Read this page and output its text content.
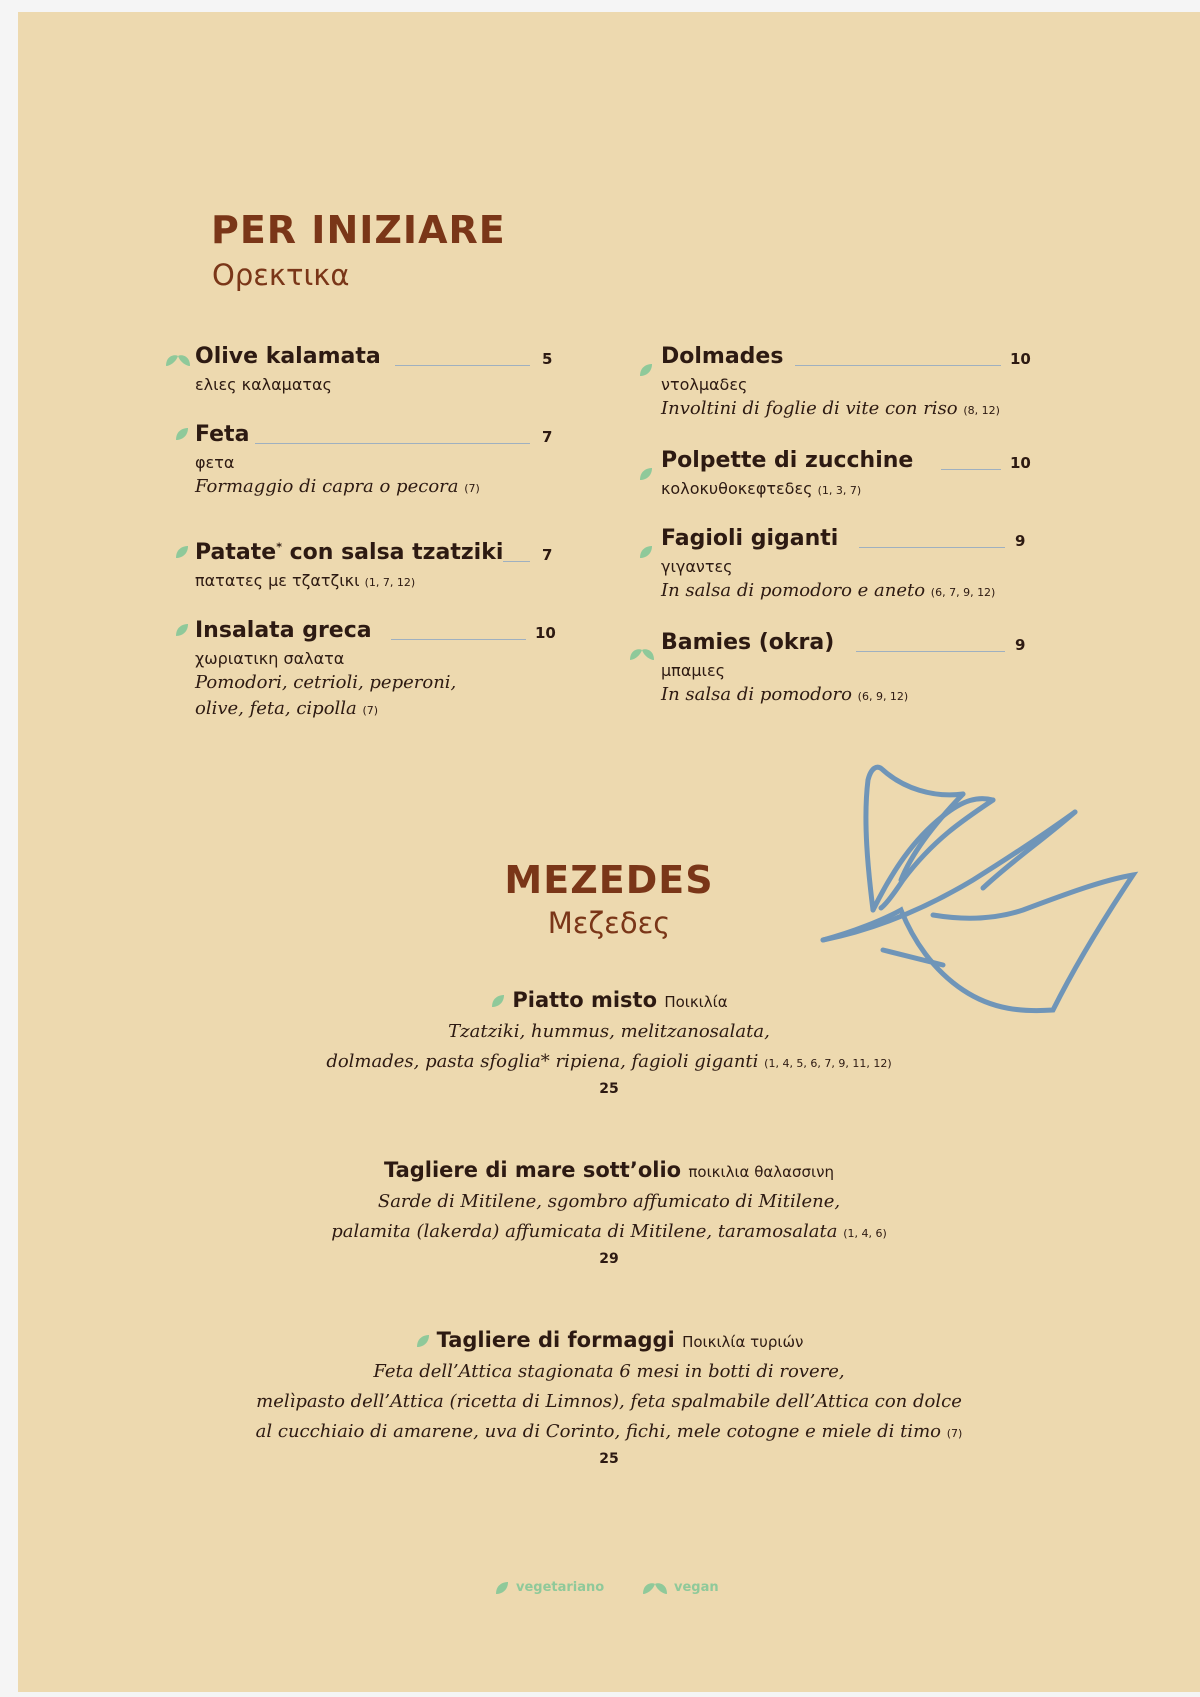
PER INIZIARE
Ορεκτικα
Olive kalamata	5
ελιες καλαματας
Feta	7
φετα
Formaggio di capra o pecora (7)
Patate* con salsa tzatziki	7
πατατες με τζατζικι (1, 7, 12)
Insalata greca	10
χωριατικη σαλατα
Pomodori, cetrioli, peperoni,
olive, feta, cipolla (7)
Dolmades	10
ντολμαδες
Involtini di foglie di vite con riso (8, 12)
Polpette di zucchine	10
κολοκυθοκεφτεδες (1, 3, 7)
Fagioli giganti	9
γιγαντες
In salsa di pomodoro e aneto (6, 7, 9, 12)
Bamies (okra)	9
μπαμιες
In salsa di pomodoro (6, 9, 12)
MEZEDES
Μεζεδες
Piatto misto Ποικιλία
Tzatziki, hummus, melitzanosalata,
dolmades, pasta sfoglia* ripiena, fagioli giganti (1, 4, 5, 6, 7, 9, 11, 12)
25
Tagliere di mare sott’olio ποικιλια θαλασσινη
Sarde di Mitilene, sgombro affumicato di Mitilene,
palamita (lakerda) affumicata di Mitilene, taramosalata (1, 4, 6)
29
Tagliere di formaggi Ποικιλία τυριών
Feta dell’Attica stagionata 6 mesi in botti di rovere,
melìpasto dell’Attica (ricetta di Limnos), feta spalmabile dell’Attica con dolce
al cucchiaio di amarene, uva di Corinto, fichi, mele cotogne e miele di timo (7)
25
vegetariano	vegan
